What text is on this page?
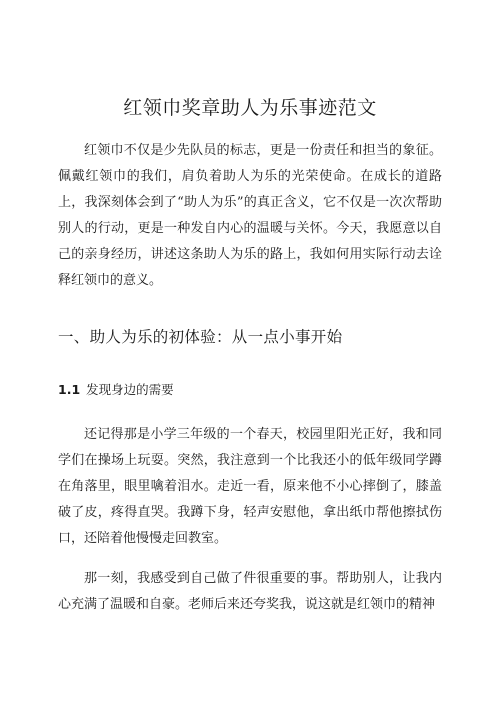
红领巾奖章助人为乐事迹范文

红领巾不仅是少先队员的标志，更是一份责任和担当的象征。佩戴红领巾的我们，肩负着助人为乐的光荣使命。在成长的道路上，我深刻体会到了“助人为乐”的真正含义，它不仅是一次次帮助别人的行动，更是一种发自内心的温暖与关怀。今天，我愿意以自己的亲身经历，讲述这条助人为乐的路上，我如何用实际行动去诠释红领巾的意义。

一、助人为乐的初体验：从一点小事开始
1.1 发现身边的需要

还记得那是小学三年级的一个春天，校园里阳光正好，我和同学们在操场上玩耍。突然，我注意到一个比我还小的低年级同学蹲在角落里，眼里噙着泪水。走近一看，原来他不小心摔倒了，膝盖破了皮，疼得直哭。我蹲下身，轻声安慰他，拿出纸巾帮他擦拭伤口，还陪着他慢慢走回教室。

那一刻，我感受到自己做了件很重要的事。帮助别人，让我内心充满了温暖和自豪。老师后来还夸奖我，说这就是红领巾的精神
